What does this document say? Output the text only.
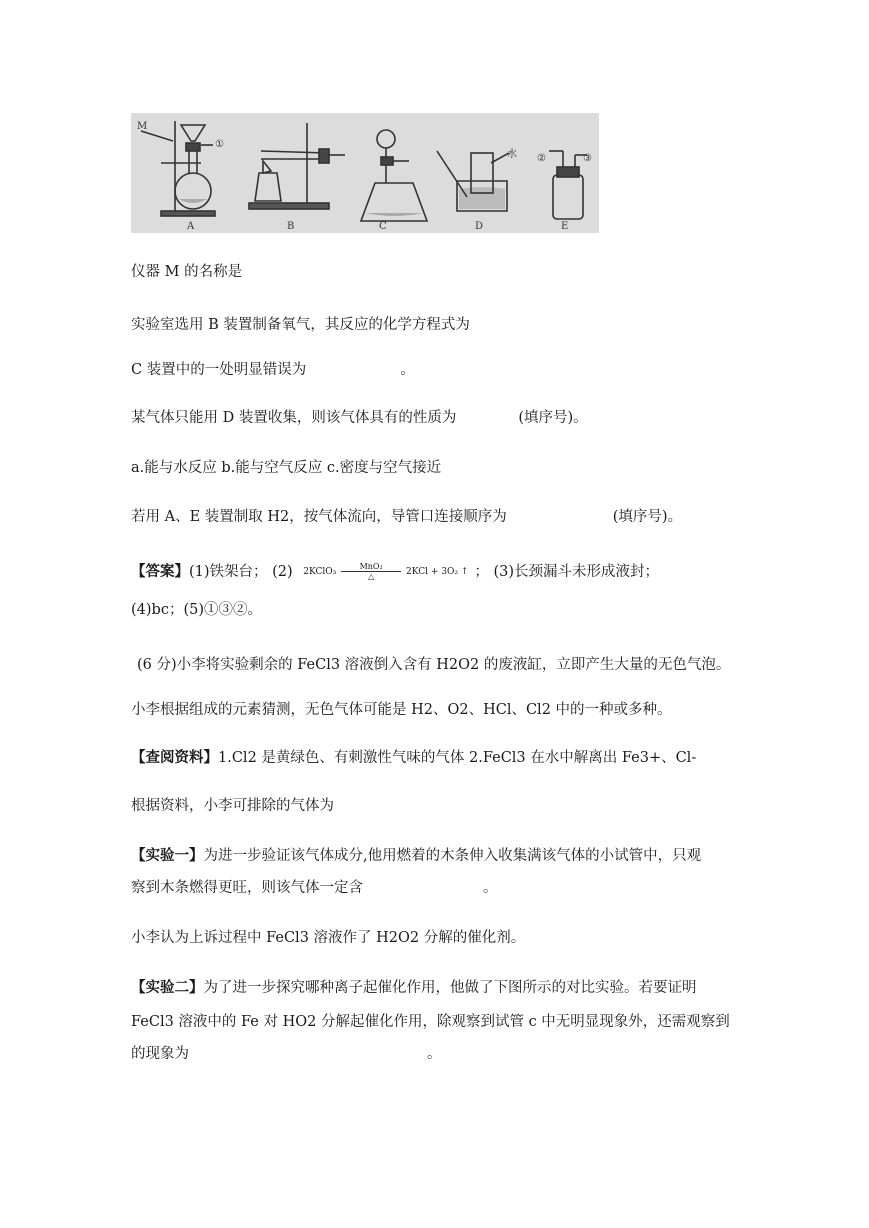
M
①
②	③
水
A	B	C	D	E
仪器 M 的名称是
实验室选用 B 装置制备氧气，其反应的化学方程式为
C 装置中的一处明显错误为	。
某气体只能用 D 装置收集，则该气体具有的性质为	(填序号)。
a.能与水反应 b.能与空气反应 c.密度与空气接近
若用 A、E 装置制取 H2，按气体流向，导管口连接顺序为	(填序号)。
【答案】(1)铁架台； (2) 2KClO₃
MnO₂
△	2KCl + 3O₂ ↑ ； (3)长颈漏斗未形成液封；
(4)bc；(5)①③②。
(6 分)小李将实验剩余的 FeCl3 溶液倒入含有 H2O2 的废液缸，立即产生大量的无色气泡。
小李根据组成的元素猜测，无色气体可能是 H2、O2、HCl、Cl2 中的一种或多种。
【查阅资料】1.Cl2 是黄绿色、有刺激性气味的气体 2.FeCl3 在水中解离出 Fe3+、Cl-
根据资料，小李可排除的气体为
【实验一】为进一步验证该气体成分,他用燃着的木条伸入收集满该气体的小试管中，只观
察到木条燃得更旺，则该气体一定含	。
小李认为上诉过程中 FeCl3 溶液作了 H2O2 分解的催化剂。
【实验二】为了进一步探究哪种离子起催化作用，他做了下图所示的对比实验。若要证明
FeCl3 溶液中的 Fe 对 HO2 分解起催化作用，除观察到试管 c 中无明显现象外，还需观察到
的现象为	。
